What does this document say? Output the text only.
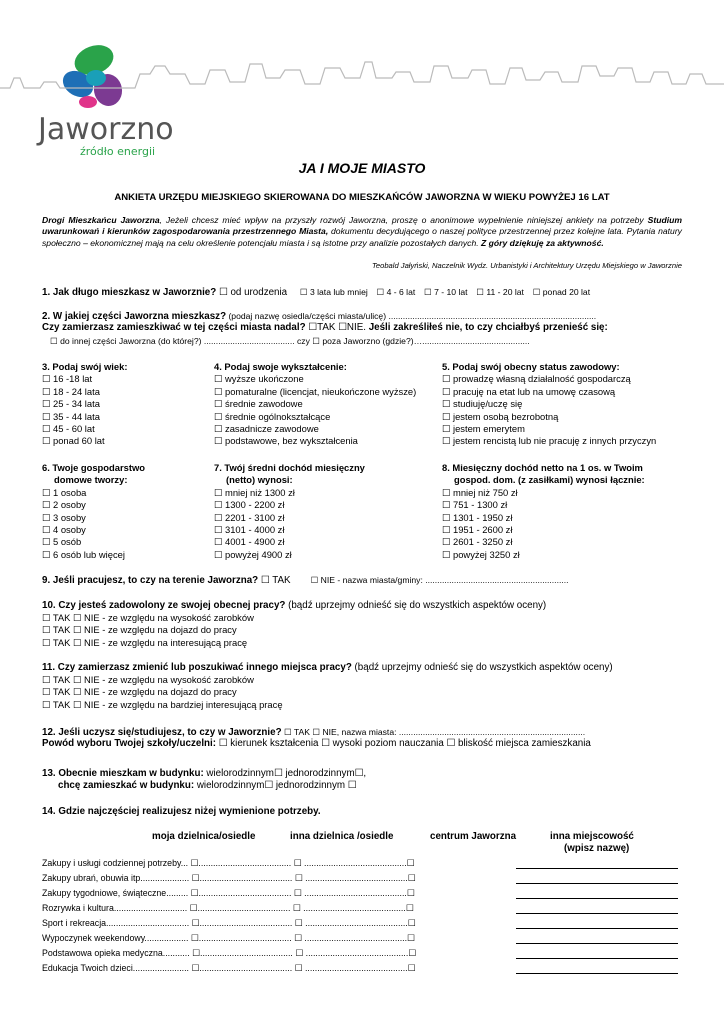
Jaworzno
źródło energii
JA I MOJE MIASTO
ANKIETA URZĘDU MIEJSKIEGO SKIEROWANA DO MIESZKAŃCÓW JAWORZNA W WIEKU POWYŻEJ 16 LAT
Drogi Mieszkańcu Jaworzna, Jeżeli chcesz mieć wpływ na przyszły rozwój Jaworzna, proszę o anonimowe wypełnienie niniejszej ankiety na potrzeby Studium uwarunkowań i kierunków zagospodarowania przestrzennego Miasta, dokumentu decydującego o naszej polityce przestrzennej przez kolejne lata. Pytania natury społeczno – ekonomicznej mają na celu określenie potencjału miasta i są istotne przy analizie pozostałych danych. Z góry dziękuję za aktywność.
Teobald Jałyński, Naczelnik Wydz. Urbanistyki i Architektury Urzędu Miejskiego w Jaworznie
1. Jak długo mieszkasz w Jaworznie? ☐ od urodzenia ☐ 3 lata lub mniej ☐ 4 - 6 lat ☐ 7 - 10 lat ☐ 11 - 20 lat ☐ ponad 20 lat
2. W jakiej części Jaworzna mieszkasz? (podaj nazwę osiedla/części miasta/ulicę) .......................................................................................
Czy zamierzasz zamieszkiwać w tej części miasta nadal? ☐TAK ☐NIE. Jeśli zakreśliłeś nie, to czy chciałbyś przenieść się:
☐ do innej części Jaworzna (do której?) ...................................... czy ☐ poza Jaworzno (gdzie?)….............................................
3. Podaj swój wiek:
☐ 16 -18 lat
☐ 18 - 24 lata
☐ 25 - 34 lata
☐ 35 - 44 lata
☐ 45 - 60 lat
☐ ponad 60 lat
4. Podaj swoje wykształcenie:
☐ wyższe ukończone
☐ pomaturalne (licencjat, nieukończone wyższe)
☐ średnie zawodowe
☐ średnie ogólnokształcące
☐ zasadnicze zawodowe
☐ podstawowe, bez wykształcenia
5. Podaj swój obecny status zawodowy:
☐ prowadzę własną działalność gospodarczą
☐ pracuję na etat lub na umowę czasową
☐ studiuję/uczę się
☐ jestem osobą bezrobotną
☐ jestem emerytem
☐ jestem rencistą lub nie pracuję z innych przyczyn
6. Twoje gospodarstwo
domowe tworzy:
☐ 1 osoba
☐ 2 osoby
☐ 3 osoby
☐ 4 osoby
☐ 5 osób
☐ 6 osób lub więcej
7. Twój średni dochód miesięczny
(netto) wynosi:
☐ mniej niż 1300 zł
☐ 1300 - 2200 zł
☐ 2201 - 3100 zł
☐ 3101 - 4000 zł
☐ 4001 - 4900 zł
☐ powyżej 4900 zł
8. Miesięczny dochód netto na 1 os. w Twoim
gospod. dom. (z zasiłkami) wynosi łącznie:
☐ mniej niż 750 zł
☐ 751 - 1300 zł
☐ 1301 - 1950 zł
☐ 1951 - 2600 zł
☐ 2601 - 3250 zł
☐ powyżej 3250 zł
9. Jeśli pracujesz, to czy na terenie Jaworzna? ☐ TAK ☐ NIE - nazwa miasta/gminy: ............................................................
10. Czy jesteś zadowolony ze swojej obecnej pracy? (bądź uprzejmy odnieść się do wszystkich aspektów oceny)
☐ TAK ☐ NIE - ze względu na wysokość zarobków
☐ TAK ☐ NIE - ze względu na dojazd do pracy
☐ TAK ☐ NIE - ze względu na interesującą pracę
11. Czy zamierzasz zmienić lub poszukiwać innego miejsca pracy? (bądź uprzejmy odnieść się do wszystkich aspektów oceny)
☐ TAK ☐ NIE - ze względu na wysokość zarobków
☐ TAK ☐ NIE - ze względu na dojazd do pracy
☐ TAK ☐ NIE - ze względu na bardziej interesującą pracę
12. Jeśli uczysz się/studiujesz, to czy w Jaworznie? ☐ TAK ☐ NIE, nazwa miasta: ..............................................................................
Powód wyboru Twojej szkoły/uczelni: ☐ kierunek kształcenia ☐ wysoki poziom nauczania ☐ bliskość miejsca zamieszkania
13. Obecnie mieszkam w budynku: wielorodzinnym☐ jednorodzinnym☐,
chcę zamieszkać w budynku: wielorodzinnym☐ jednorodzinnym ☐
14. Gdzie najczęściej realizujesz niżej wymienione potrzeby.
moja dzielnica/osiedle	inna dzielnica /osiedle	centrum Jaworzna	inna miejscowość
(wpisz nazwę)
Zakupy i usługi codziennej potrzeby... ☐...................................... ☐ ..........................................☐
Zakupy ubrań, obuwia itp.................... ☐...................................... ☐ ..........................................☐
Zakupy tygodniowe, świąteczne......... ☐...................................... ☐ ..........................................☐
Rozrywka i kultura.............................. ☐...................................... ☐ ..........................................☐
Sport i rekreacja.................................. ☐...................................... ☐ ..........................................☐
Wypoczynek weekendowy.................. ☐...................................... ☐ ..........................................☐
Podstawowa opieka medyczna........... ☐...................................... ☐ ..........................................☐
Edukacja Twoich dzieci....................... ☐...................................... ☐ ..........................................☐
